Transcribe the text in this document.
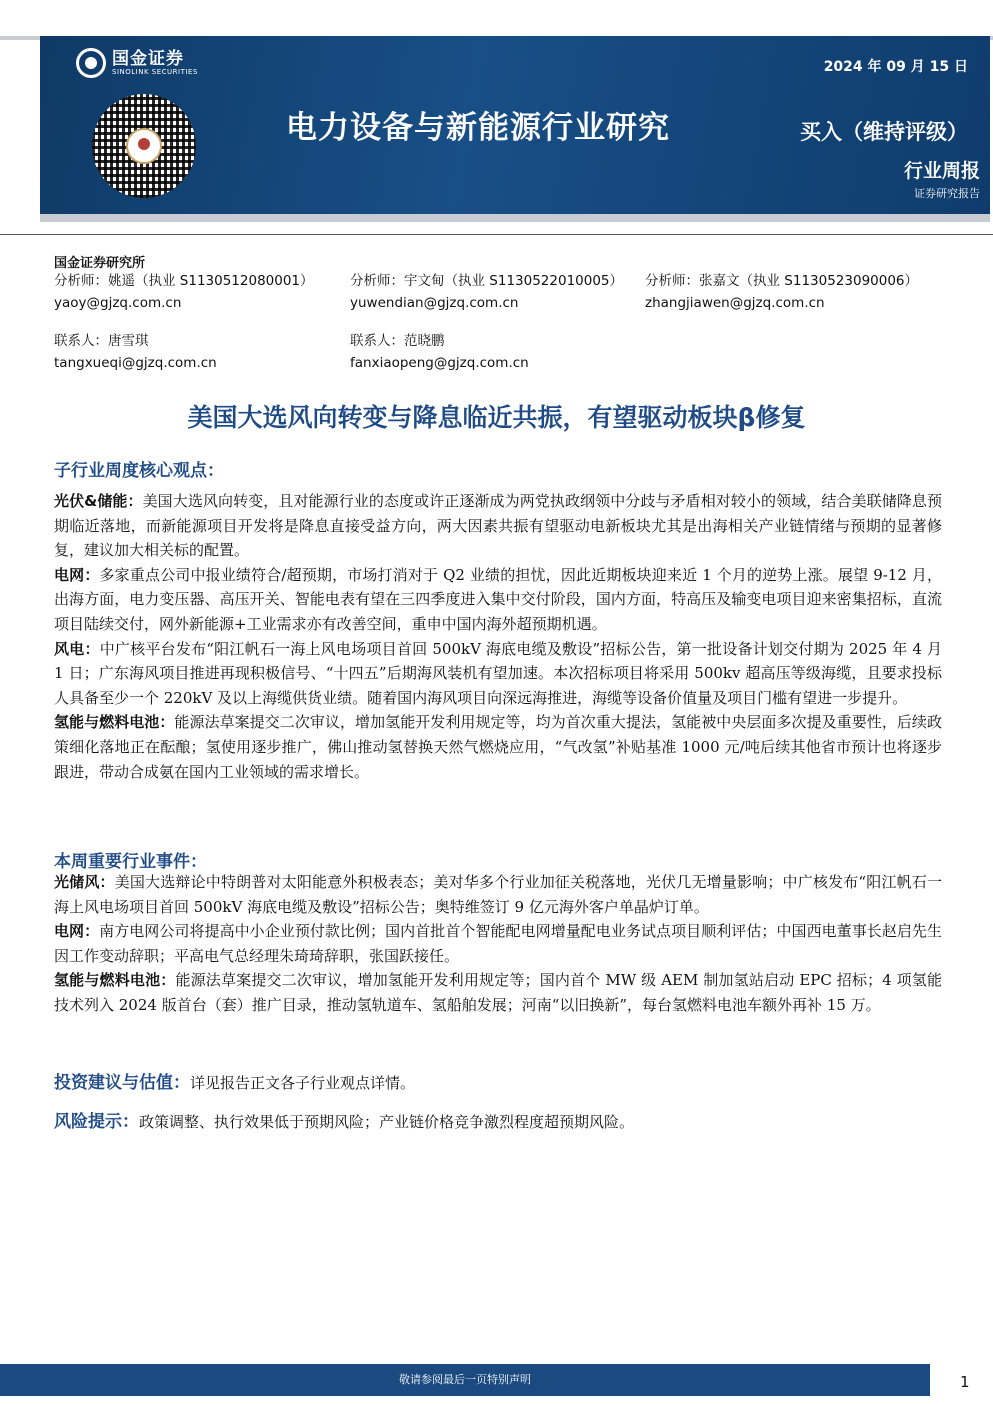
国金证券
SINOLINK SECURITIES	2024 年 09 月 15 日
电力设备与新能源行业研究	买入（维持评级）
行业周报
证券研究报告
国金证券研究所
分析师：姚遥（执业 S1130512080001）
yaoy@gjzq.com.cn
分析师：宇文甸（执业 S1130522010005）
yuwendian@gjzq.com.cn
分析师：张嘉文（执业 S1130523090006）
zhangjiawen@gjzq.com.cn
联系人：唐雪琪
tangxueqi@gjzq.com.cn
联系人：范晓鹏
fanxiaopeng@gjzq.com.cn
美国大选风向转变与降息临近共振，有望驱动板块β修复
子行业周度核心观点：
光伏&储能：美国大选风向转变，且对能源行业的态度或许正逐渐成为两党执政纲领中分歧与矛盾相对较小的领域，结合美联储降息预期临近落地，而新能源项目开发将是降息直接受益方向，两大因素共振有望驱动电新板块尤其是出海相关产业链情绪与预期的显著修复，建议加大相关标的配置。
电网：多家重点公司中报业绩符合/超预期，市场打消对于 Q2 业绩的担忧，因此近期板块迎来近 1 个月的逆势上涨。展望 9-12 月，出海方面，电力变压器、高压开关、智能电表有望在三四季度进入集中交付阶段，国内方面，特高压及输变电项目迎来密集招标，直流项目陆续交付，网外新能源+工业需求亦有改善空间，重申中国内海外超预期机遇。
风电：中广核平台发布“阳江帆石一海上风电场项目首回 500kV 海底电缆及敷设”招标公告，第一批设备计划交付期为 2025 年 4 月 1 日；广东海风项目推进再现积极信号、“十四五”后期海风装机有望加速。本次招标项目将采用 500kv 超高压等级海缆，且要求投标人具备至少一个 220kV 及以上海缆供货业绩。随着国内海风项目向深远海推进，海缆等设备价值量及项目门槛有望进一步提升。
氢能与燃料电池：能源法草案提交二次审议，增加氢能开发利用规定等，均为首次重大提法，氢能被中央层面多次提及重要性，后续政策细化落地正在酝酿；氢使用逐步推广，佛山推动氢替换天然气燃烧应用，“气改氢”补贴基准 1000 元/吨后续其他省市预计也将逐步跟进，带动合成氨在国内工业领域的需求增长。
本周重要行业事件：
光储风：美国大选辩论中特朗普对太阳能意外积极表态；美对华多个行业加征关税落地，光伏几无增量影响；中广核发布“阳江帆石一海上风电场项目首回 500kV 海底电缆及敷设”招标公告；奥特维签订 9 亿元海外客户单晶炉订单。
电网：南方电网公司将提高中小企业预付款比例；国内首批首个智能配电网增量配电业务试点项目顺利评估；中国西电董事长赵启先生因工作变动辞职；平高电气总经理朱琦琦辞职，张国跃接任。
氢能与燃料电池：能源法草案提交二次审议，增加氢能开发利用规定等；国内首个 MW 级 AEM 制加氢站启动 EPC 招标；4 项氢能技术列入 2024 版首台（套）推广目录，推动氢轨道车、氢船舶发展；河南“以旧换新”，每台氢燃料电池车额外再补 15 万。
投资建议与估值：详见报告正文各子行业观点详情。
风险提示：政策调整、执行效果低于预期风险；产业链价格竞争激烈程度超预期风险。
敬请参阅最后一页特别声明	1
